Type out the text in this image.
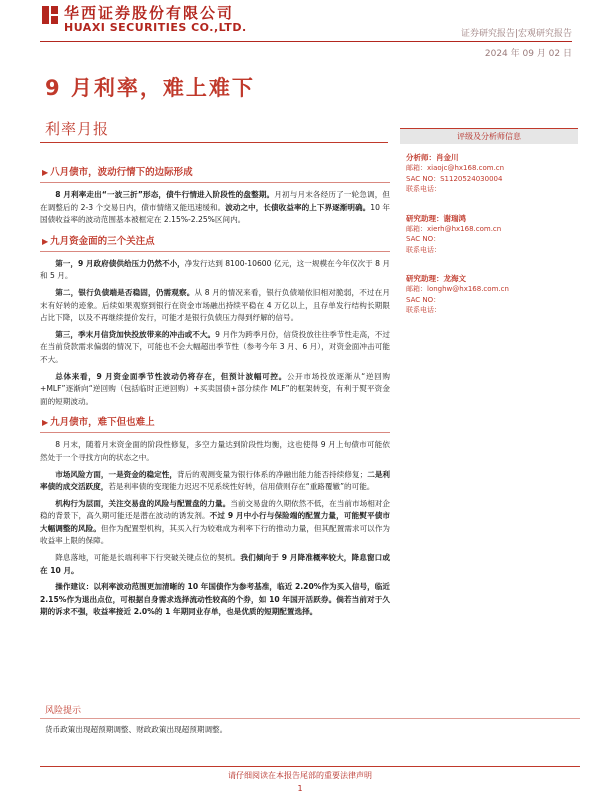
华西证券股份有限公司
HUAXI SECURITIES CO.,LTD.	证券研究报告|宏观研究报告
2024 年 09 月 02 日
9 月利率，难上难下
利率月报
▶ 八月债市，波动行情下的边际形成
8 月利率走出“一波三折”形态，债牛行情进入阶段性的盘整期。月初与月末各经历了一轮急调，但在调整后的 2-3 个交易日内，债市情绪又能迅速缓和。波动之中，长债收益率的上下界逐渐明确。10 年国债收益率的波动范围基本被框定在 2.15%-2.25%区间内。
▶ 九月资金面的三个关注点
第一，9 月政府债供给压力仍然不小，净发行达到 8100-10600 亿元，这一规模在今年仅次于 8 月和 5 月。
第二，银行负债端是否稳固，仍需观察。从 8 月的情况来看，银行负债端依旧相对脆弱，不过在月末有好转的迹象。后续如果观察到银行在资金市场融出持续平稳在 4 万亿以上，且存单发行结构长期限占比下降，以及不再继续提价发行，可能才是银行负债压力得到纾解的信号。
第三，季末月信贷加快投放带来的冲击或不大。9 月作为跨季月份，信贷投放往往季节性走高，不过在当前贷款需求偏弱的情况下，可能也不会大幅超出季节性（参考今年 3 月、6 月），对资金面冲击可能不大。
总体来看，9 月资金面季节性波动仍将存在，但预计波幅可控。公开市场投放逐渐从“逆回购+MLF”逐渐向“逆回购（包括临时正逆回购）+买卖国债+部分续作 MLF”的框架转变，有利于熨平资金面的短期波动。
▶ 九月债市，难下但也难上
8 月末，随着月末资金面的阶段性修复，多空力量达到阶段性均衡，这也使得 9 月上旬债市可能依然处于一个寻找方向的状态之中。
市场风险方面，一是资金的稳定性，背后的观测变量为银行体系的净融出能力能否持续修复；二是利率债的成交活跃度，若是利率债的变现能力迟迟不见系统性好转，信用债则存在“重路覆辙”的可能。
机构行为层面，关注交易盘的风险与配置盘的力量。当前交易盘的久期依然不低，在当前市场相对企稳的背景下，高久期可能还是潜在波动的诱发剂。不过 9 月中小行与保险端的配置力量，可能熨平债市大幅调整的风险。但作为配置型机构，其买入行为较难成为利率下行的推动力量，但其配置需求可以作为收益率上限的保障。
降息落地，可能是长端利率下行突破关键点位的契机。我们倾向于 9 月降准概率较大，降息窗口或在 10 月。
操作建议：以利率波动范围更加清晰的 10 年国债作为参考基准，临近 2.20%作为买入信号，临近 2.15%作为退出点位，可根据自身需求选择流动性较高的个券，如 10 年国开活跃券。倘若当前对于久期的诉求不强，收益率接近 2.0%的 1 年期同业存单，也是优质的短期配置选择。
评级及分析师信息
分析师：肖金川
邮箱：xiaojc@hx168.com.cn
SAC NO：S1120524030004
联系电话：
研究助理：谢瑞鸿
邮箱：xierh@hx168.com.cn
SAC NO：
联系电话：
研究助理：龙海文
邮箱：longhw@hx168.com.cn
SAC NO：
联系电话：
风险提示
货币政策出现超预期调整、财政政策出现超预期调整。
请仔细阅读在本报告尾部的重要法律声明
1
